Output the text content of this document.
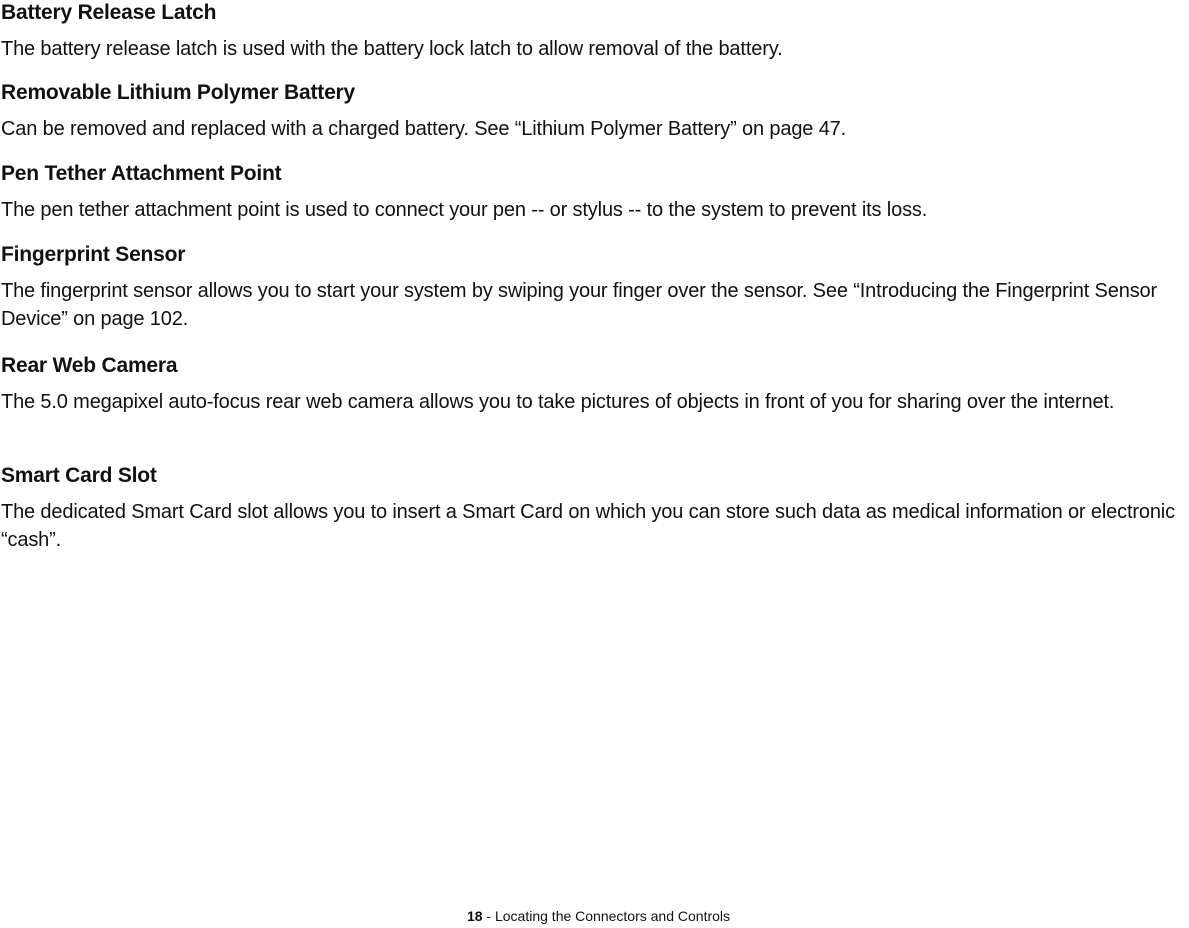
Battery Release Latch

The battery release latch is used with the battery lock latch to allow removal of the battery.

Removable Lithium Polymer Battery

Can be removed and replaced with a charged battery. See “Lithium Polymer Battery” on page 47.

Pen Tether Attachment Point

The pen tether attachment point is used to connect your pen -- or stylus -- to the system to prevent its loss.

Fingerprint Sensor

The fingerprint sensor allows you to start your system by swiping your finger over the sensor. See “Introducing the Fingerprint Sensor Device” on page 102.

Rear Web Camera

The 5.0 megapixel auto-focus rear web camera allows you to take pictures of objects in front of you for sharing over the internet.

Smart Card Slot

The dedicated Smart Card slot allows you to insert a Smart Card on which you can store such data as medical information or electronic “cash”.

18 - Locating the Connectors and Controls
